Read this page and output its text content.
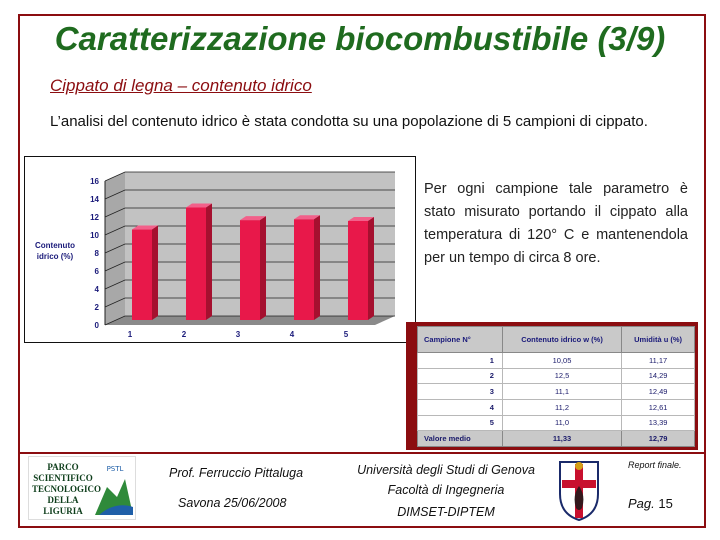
Caratterizzazione biocombustibile (3/9)
Cippato di legna – contenuto idrico
L’analisi del contenuto idrico è stata condotta su una popolazione di 5 campioni di cippato.
0
2
4
6
8
10
12
14
16
Contenuto
idrico (%)
1	2	3	4	5
Per ogni campione tale parametro è stato misurato portando il cippato alla temperatura di 120° C e mantenendola per un tempo di circa 8 ore.
Campione N°	Contenuto idrico w (%)	Umidità u (%)
1	10,05	11,17
2	12,5	14,29
3	11,1	12,49
4	11,2	12,61
5	11,0	13,39
Valore medio	11,33	12,79
PARCO SCIENTIFICO TECNOLOGICO DELLA LIGURIA
PSTL	Prof. Ferruccio Pittaluga
Savona 25/06/2008
Università degli Studi di Genova
Facoltà di Ingegneria
DIMSET-DIPTEM
Report finale.
Pag. 15
